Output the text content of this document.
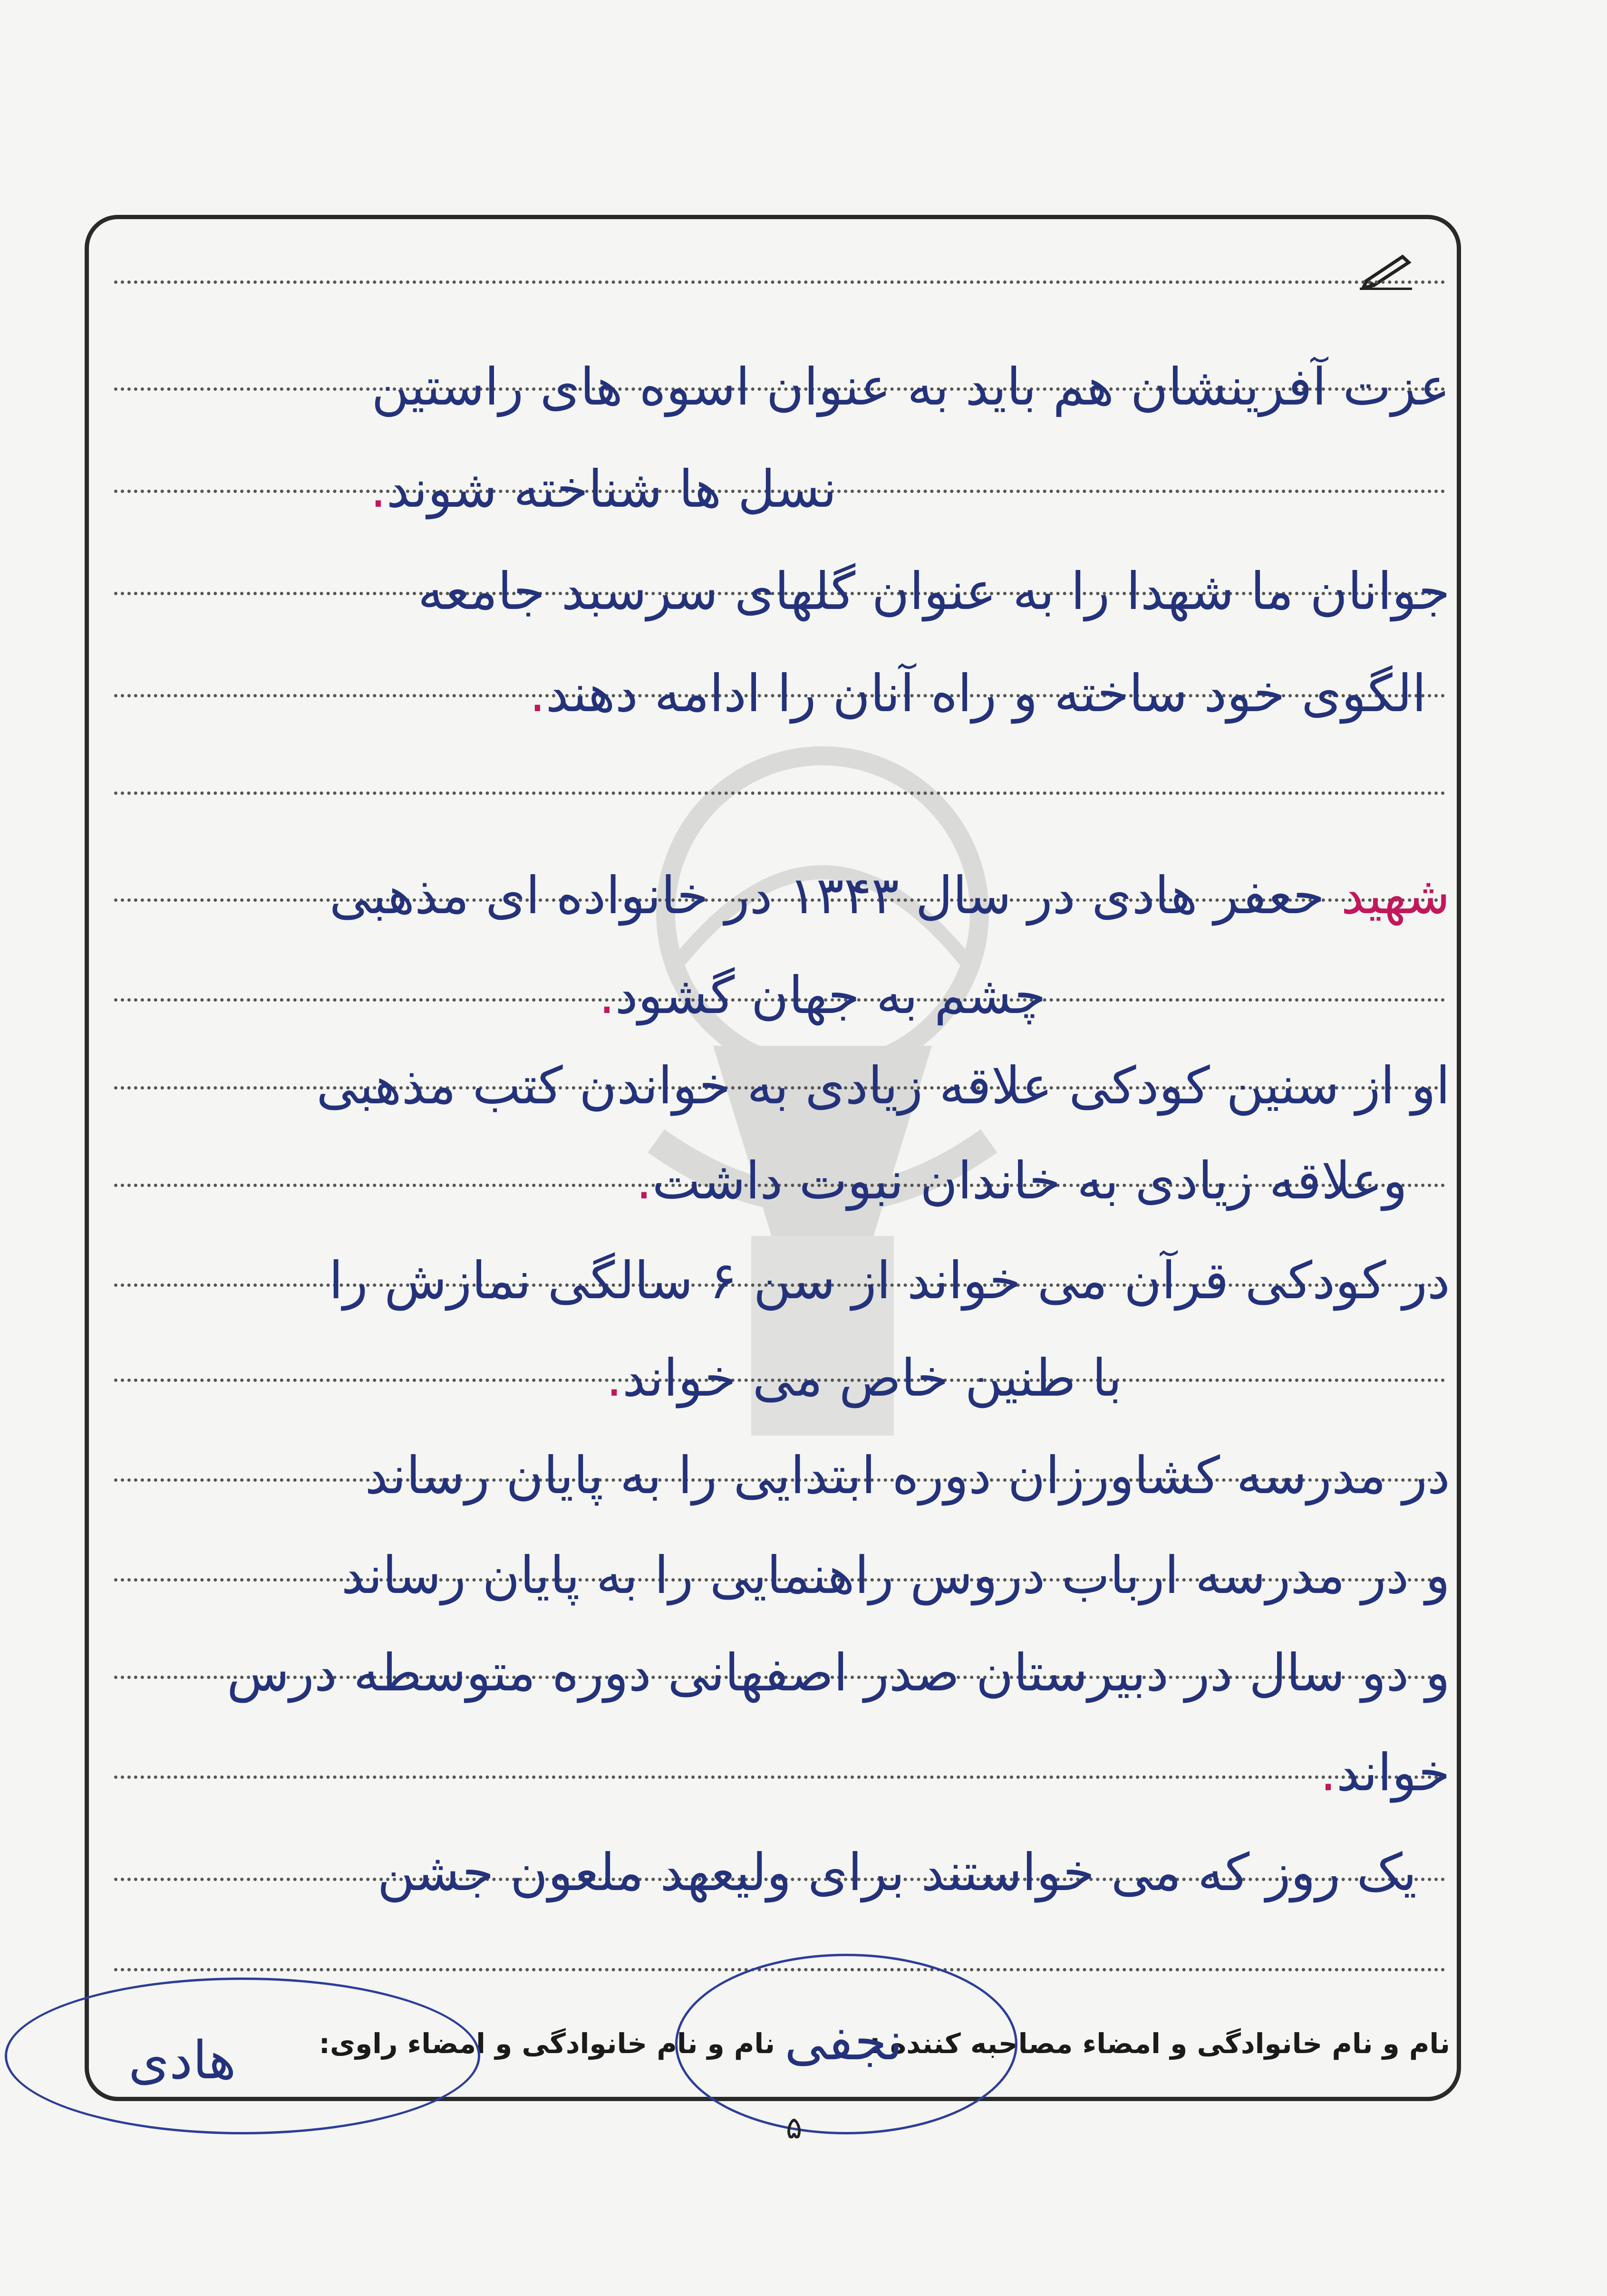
عزت آفرینشان هم باید به عنوان اسوه های راستین
نسل ها شناخته شوند.
جوانان ما شهدا را به عنوان گلهای سرسبد جامعه
الگوی خود ساخته و راه آنان را ادامه دهند.
شهید حعفر هادی در سال ۱۳۴۳ در خانواده ای مذهبی
چشم به جهان گشود.
او از سنین کودکی علاقه زیادی به خواندن کتب مذهبی
وعلاقه زیادی به خاندان نبوت داشت.
در کودکی قرآن می خواند از سن ۶ سالگی نمازش را
با طنین خاص می خواند.
در مدرسه کشاورزان دوره ابتدایی را به پایان رساند
و در مدرسه ارباب دروس راهنمایی را به پایان رساند
و دو سال در دبیرستان صدر اصفهانی دوره متوسطه درس
خواند.
یک روز که می خواستند برای ولیعهد ملعون جشن
نام و نام خانوادگی و امضاء مصاحبه کننده :
نام و نام خانوادگی و امضاء راوی: نجفی
هادی
۵
